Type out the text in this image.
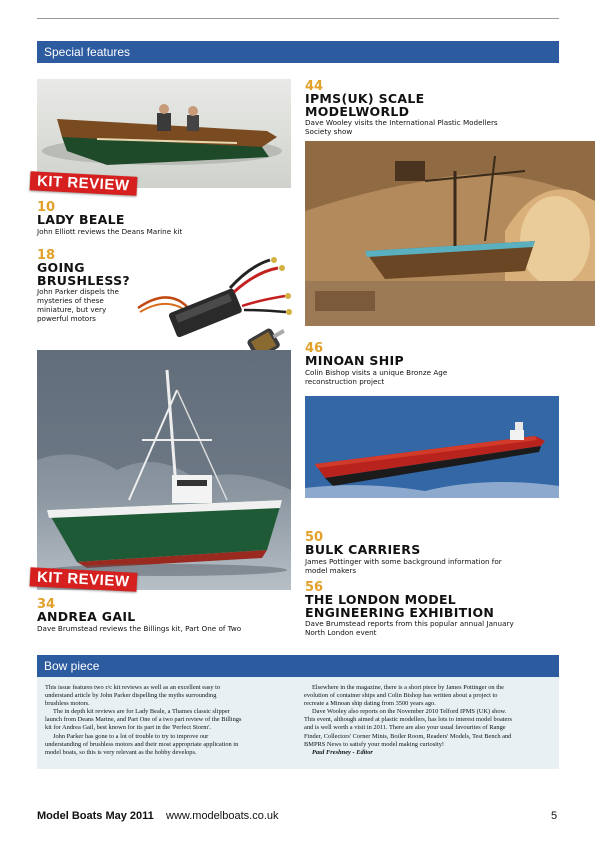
Special features
KIT REVIEW
10
LADY BEALE
John Elliott reviews the Deans Marine kit
18
GOING
BRUSHLESS?
John Parker dispels the
mysteries of these
miniature, but very
powerful motors
KIT REVIEW
34
ANDREA GAIL
Dave Brumstead reviews the Billings kit, Part One of Two
44
IPMS(UK) SCALE
MODELWORLD
Dave Wooley visits the International Plastic Modellers
Society show
46
MINOAN SHIP
Colin Bishop visits a unique Bronze Age
reconstruction project
50
BULK CARRIERS
James Pottinger with some background information for
model makers
56
THE LONDON MODEL
ENGINEERING EXHIBITION
Dave Brumstead reports from this popular annual January
North London event
Bow piece

This issue features two r/c kit reviews as well as an excellent easy to

understand article by John Parker dispelling the myths surrounding

brushless motors.

The in depth kit reviews are for Lady Beale, a Thames classic slipper

launch from Deans Marine, and Part One of a two part review of the Billings

kit for Andrea Gail, best known for its part in the 'Perfect Storm'.

John Parker has gone to a lot of trouble to try to improve our

understanding of brushless motors and their most appropriate application in

model boats, so this is very relevant as the hobby develops.

Elsewhere in the magazine, there is a short piece by James Pottinger on the

evolution of container ships and Colin Bishop has written about a project to

recreate a Minoan ship dating from 3500 years ago.

Dave Wooley also reports on the November 2010 Telford IPMS (UK) show.

This event, although aimed at plastic modellers, has lots to interest model boaters

and is well worth a visit in 2011. There are also your usual favourites of Range

Finder, Collectors' Corner Minis, Boiler Room, Readers' Models, Test Bench and

BMPRS News to satisfy your model making curiosity!

Paul Freshney - Editor

Model Boats May 2011 www.modelboats.co.uk	5
